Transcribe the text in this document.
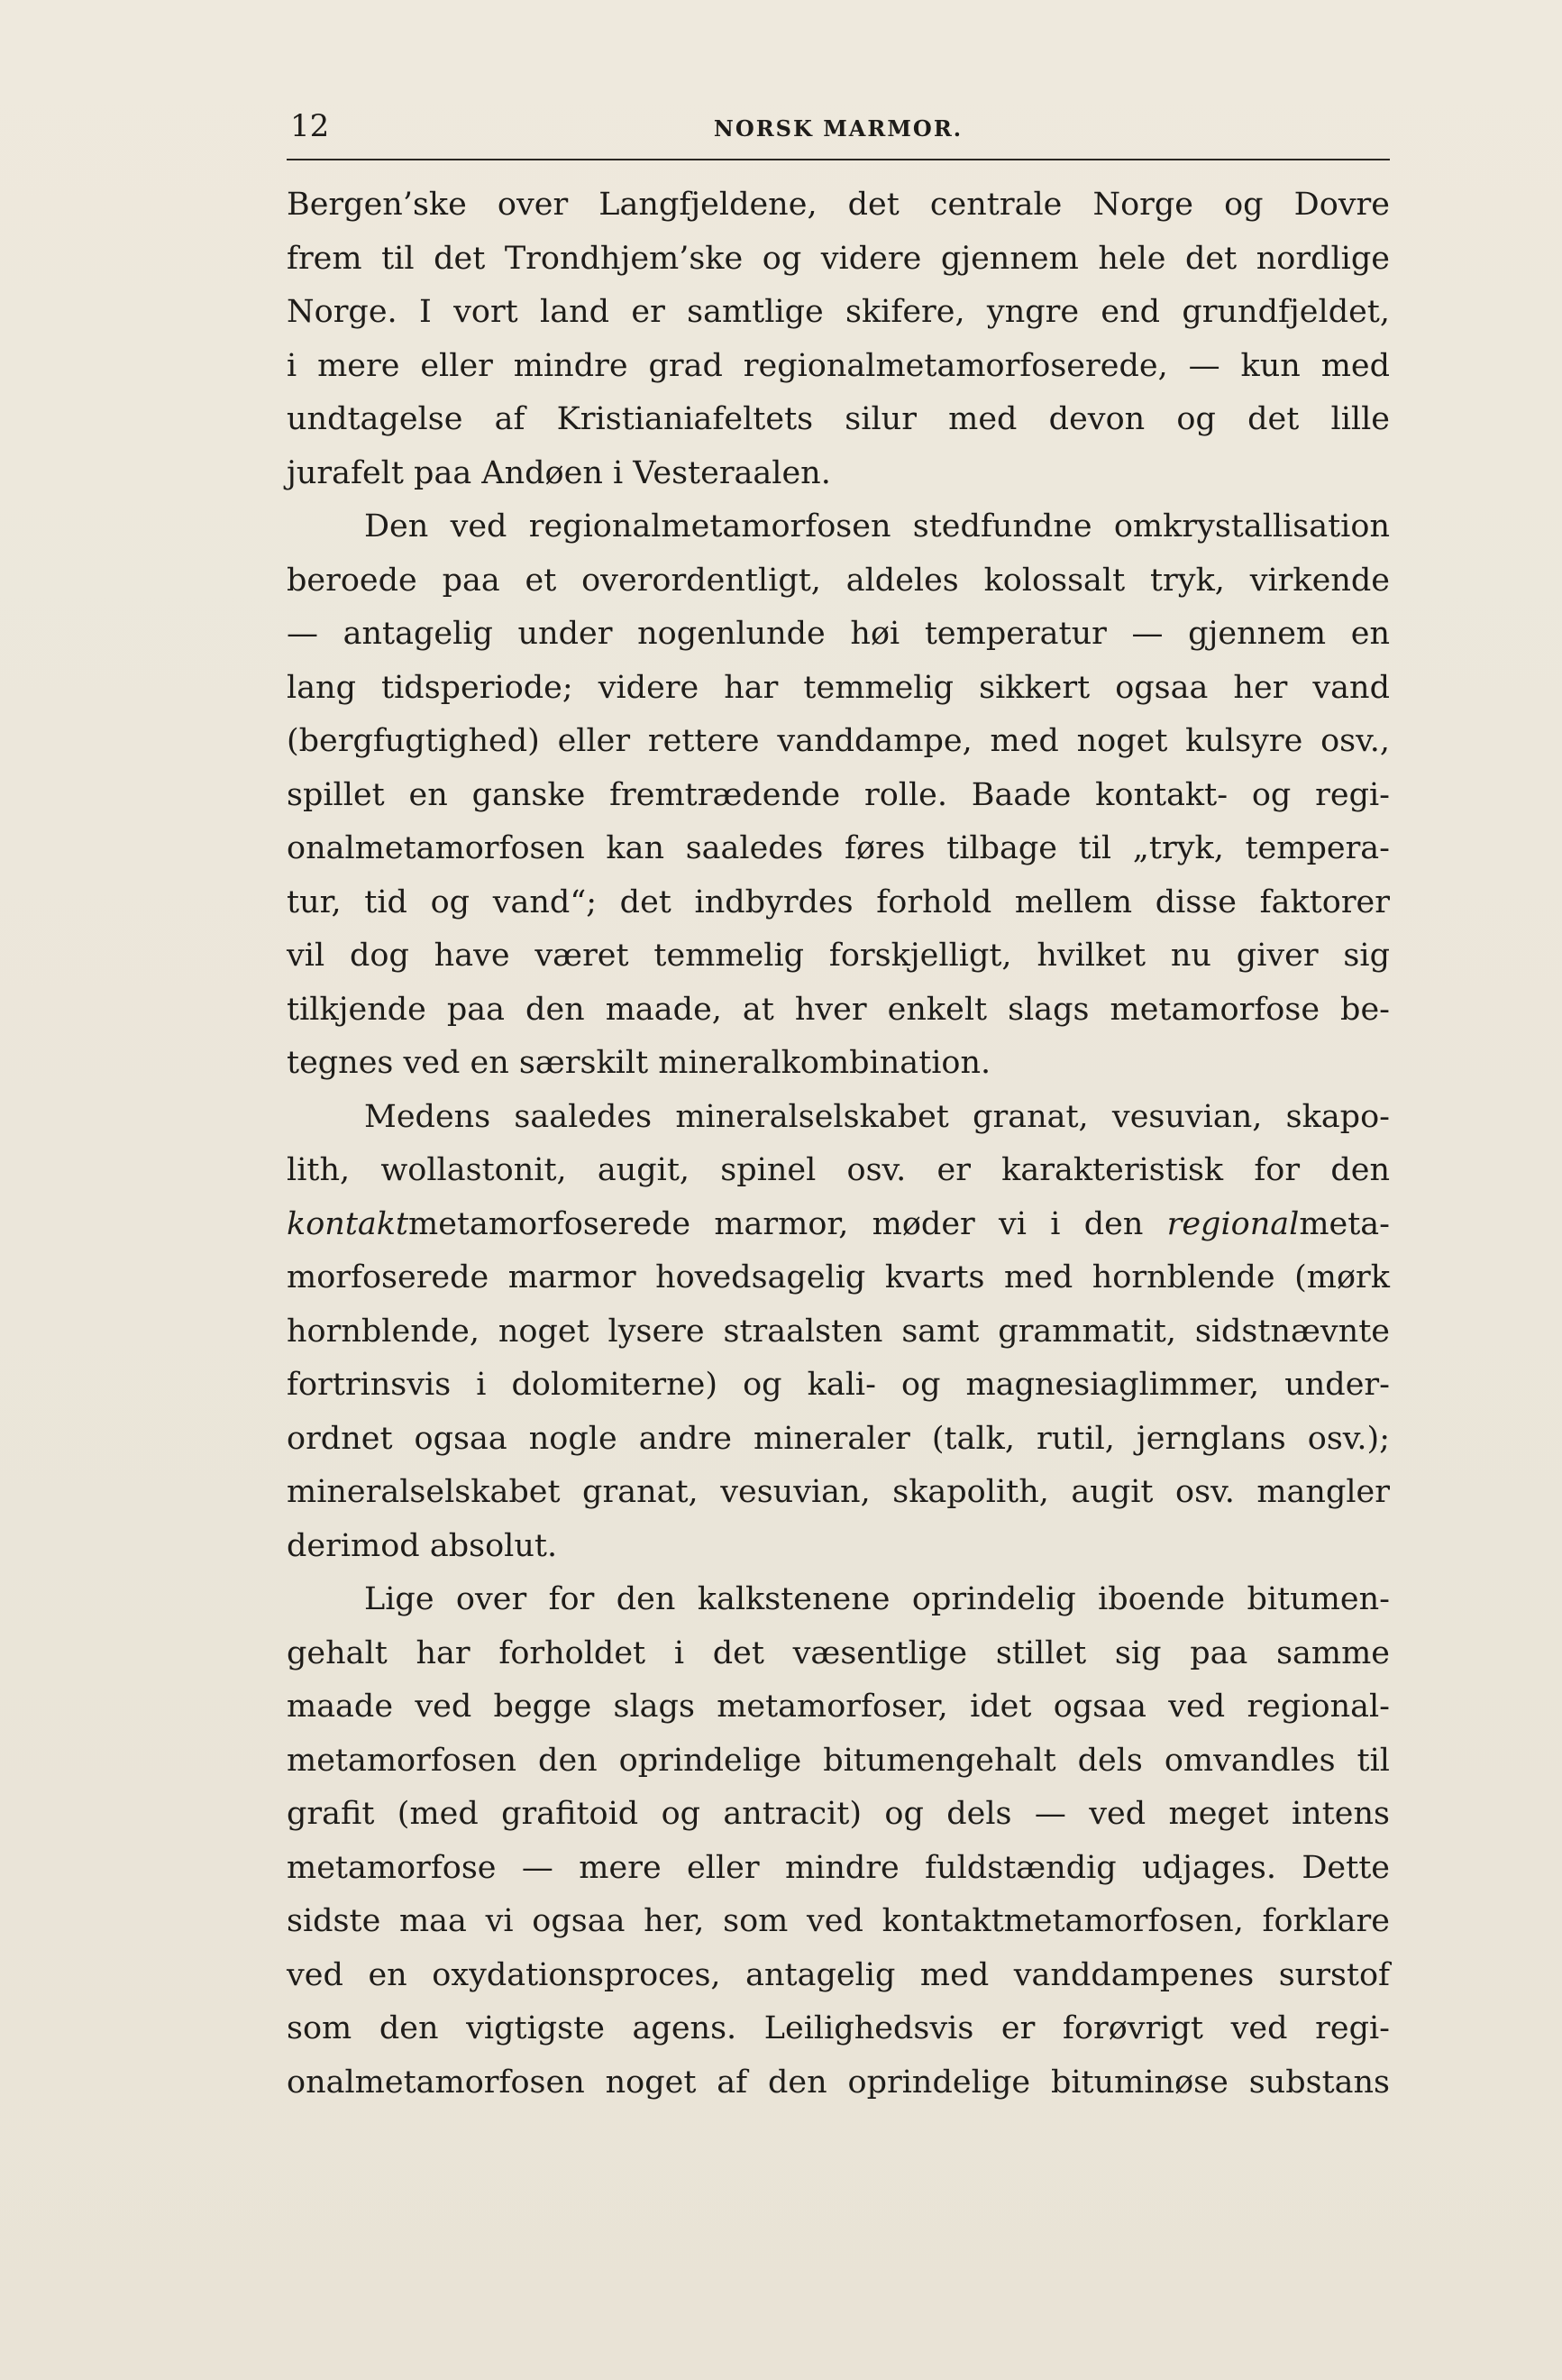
12	NORSK MARMOR.

Bergen’ske over Langfjeldene, det centrale Norge og Dovre
frem til det Trondhjem’ske og videre gjennem hele det nordlige
Norge. I vort land er samtlige skifere, yngre end grundfjeldet,
i mere eller mindre grad regionalmetamorfoserede, — kun med
undtagelse af Kristianiafeltets silur med devon og det lille
jurafelt paa Andøen i Vesteraalen.

Den ved regionalmetamorfosen stedfundne omkrystallisation
beroede paa et overordentligt, aldeles kolossalt tryk, virkende
— antagelig under nogenlunde høi temperatur — gjennem en
lang tidsperiode; videre har temmelig sikkert ogsaa her vand
(bergfugtighed) eller rettere vanddampe, med noget kulsyre osv.,
spillet en ganske fremtrædende rolle. Baade kontakt- og regi-
onalmetamorfosen kan saaledes føres tilbage til „tryk, tempera-
tur, tid og vand“; det indbyrdes forhold mellem disse faktorer
vil dog have været temmelig forskjelligt, hvilket nu giver sig
tilkjende paa den maade, at hver enkelt slags metamorfose be-
tegnes ved en særskilt mineralkombination.

Medens saaledes mineralselskabet granat, vesuvian, skapo-
lith, wollastonit, augit, spinel osv. er karakteristisk for den
kontaktmetamorfoserede marmor, møder vi i den regionalmeta-
morfoserede marmor hovedsagelig kvarts med hornblende (mørk
hornblende, noget lysere straalsten samt grammatit, sidstnævnte
fortrinsvis i dolomiterne) og kali- og magnesiaglimmer, under-
ordnet ogsaa nogle andre mineraler (talk, rutil, jernglans osv.);
mineralselskabet granat, vesuvian, skapolith, augit osv. mangler
derimod absolut.

Lige over for den kalkstenene oprindelig iboende bitumen-
gehalt har forholdet i det væsentlige stillet sig paa samme
maade ved begge slags metamorfoser, idet ogsaa ved regional-
metamorfosen den oprindelige bitumengehalt dels omvandles til
grafit (med grafitoid og antracit) og dels — ved meget intens
metamorfose — mere eller mindre fuldstændig udjages. Dette
sidste maa vi ogsaa her, som ved kontaktmetamorfosen, forklare
ved en oxydationsproces, antagelig med vanddampenes surstof
som den vigtigste agens. Leilighedsvis er forøvrigt ved regi-
onalmetamorfosen noget af den oprindelige bituminøse substans
